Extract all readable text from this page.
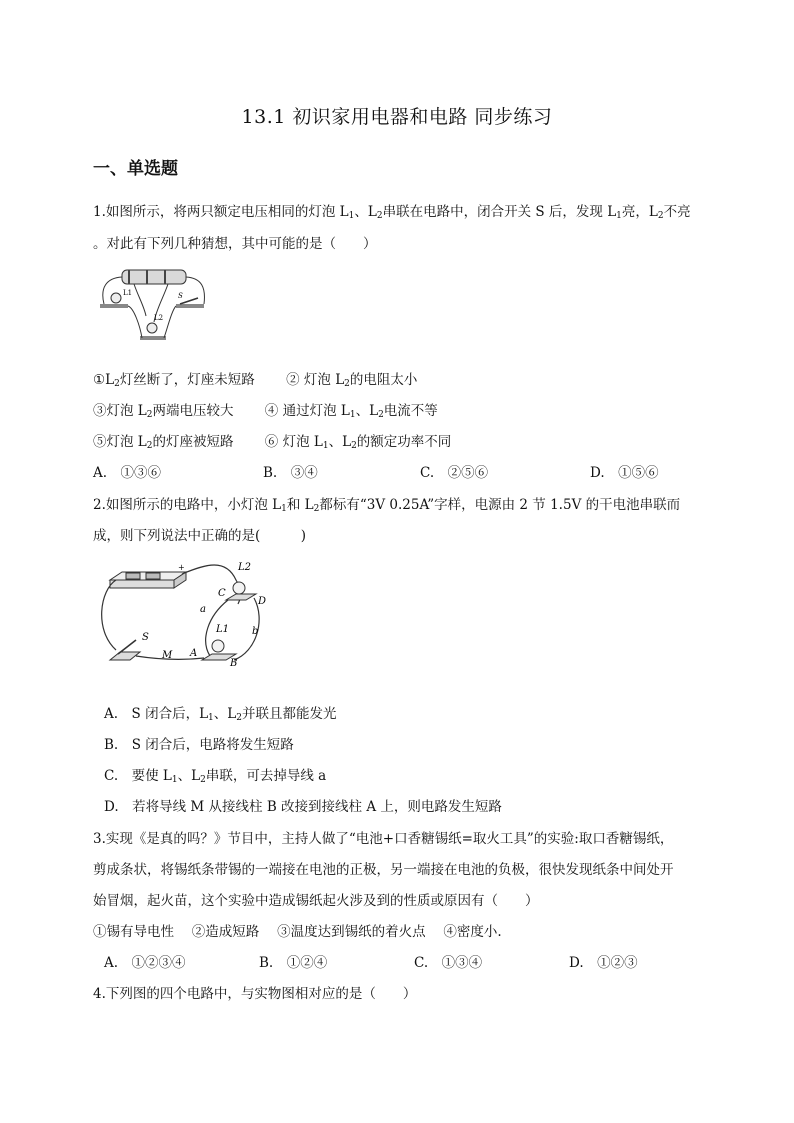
13.1 初识家用电器和电路 同步练习
一、单选题
1.如图所示，将两只额定电压相同的灯泡 $L_1$、$L_2$串联在电路中，闭合开关 S 后，发现 $L_1$亮，$L_2$不亮
。对此有下列几种猜想，其中可能的是（　　）
L1
L2
S
$①L_2$灯丝断了，灯座未短路　　 ② 灯泡 $L_2$的电阻太小
③灯泡 $L_2$两端电压较大　　 ④ 通过灯泡 $L_1$、$L_2$电流不等
⑤灯泡 $L_2$的灯座被短路　　 ⑥ 灯泡 $L_1$、$L_2$的额定功率不同
A.　①③⑥	B.　③④	C.　②⑤⑥	D.　①⑤⑥
2.如图所示的电路中，小灯泡 $L_1$和 $L_2$都标有“3V 0.25A”字样，电源由 2 节 1.5V 的干电池串联而
成，则下列说法中正确的是(　　　)
+	L2
C
D
a
b
L1
A
B
S
M
A.　S 闭合后，$L_1$、$L_2$并联且都能发光
B.　S 闭合后，电路将发生短路
C.　要使 $L_1$、$L_2$串联，可去掉导线 a
D.　若将导线 M 从接线柱 B 改接到接线柱 A 上，则电路发生短路
3.实现《是真的吗？》节目中，主持人做了“电池+口香糖锡纸=取火工具”的实验:取口香糖锡纸，
剪成条状，将锡纸条带锡的一端接在电池的正极，另一端接在电池的负极，很快发现纸条中间处开
始冒烟，起火苗，这个实验中造成锡纸起火涉及到的性质或原因有（　　）
①锡有导电性　 ②造成短路　 ③温度达到锡纸的着火点　 ④密度小.
A.　①②③④	B.　①②④	C.　①③④	D.　①②③
4.下列图的四个电路中，与实物图相对应的是（　　）
